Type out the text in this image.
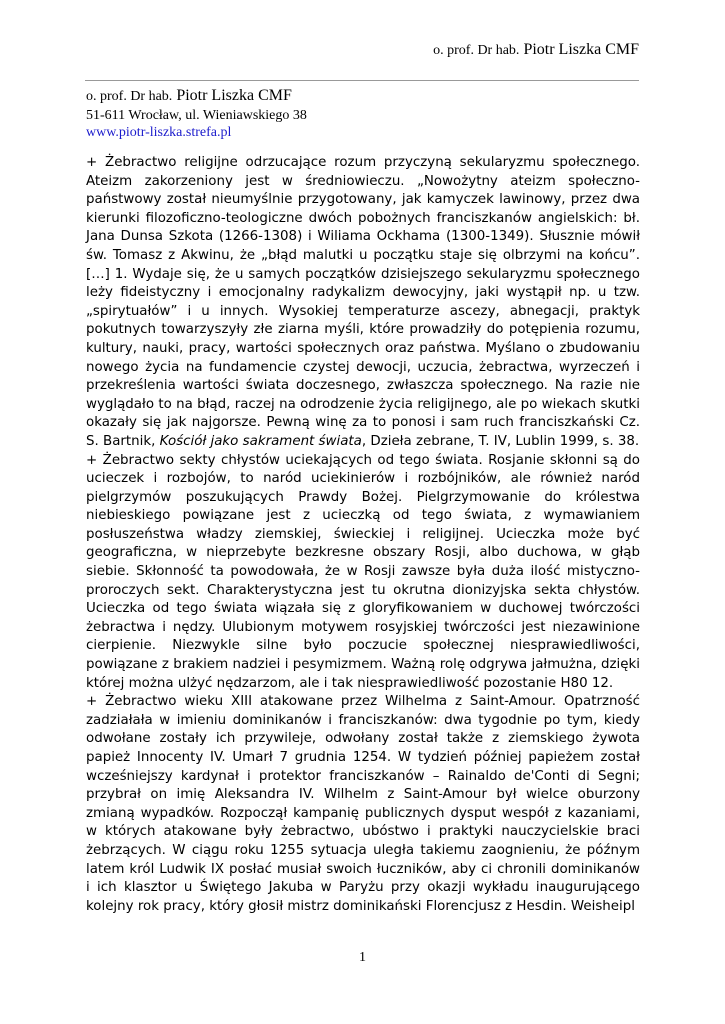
o. prof. Dr hab. Piotr Liszka CMF
o. prof. Dr hab. Piotr Liszka CMF
51-611 Wrocław, ul. Wieniawskiego 38
www.piotr-liszka.strefa.pl

+ Żebractwo religijne odrzucające rozum przyczyną sekularyzmu społecznego. Ateizm zakorzeniony jest w średniowieczu. „Nowożytny ateizm społeczno-państwowy został nieumyślnie przygotowany, jak kamyczek lawinowy, przez dwa kierunki filozoficzno-teologiczne dwóch pobożnych franciszkanów angielskich: bł. Jana Dunsa Szkota (1266-1308) i Wiliama Ockhama (1300-1349). Słusznie mówił św. Tomasz z Akwinu, że „błąd malutki u początku staje się olbrzymi na końcu”. […] 1. Wydaje się, że u samych początków dzisiejszego sekularyzmu społecznego leży fideistyczny i emocjonalny radykalizm dewocyjny, jaki wystąpił np. u tzw. „spirytuałów” i u innych. Wysokiej temperaturze ascezy, abnegacji, praktyk pokutnych towarzyszyły złe ziarna myśli, które prowadziły do potępienia rozumu, kultury, nauki, pracy, wartości społecznych oraz państwa. Myślano o zbudowaniu nowego życia na fundamencie czystej dewocji, uczucia, żebractwa, wyrzeczeń i przekreślenia wartości świata doczesnego, zwłaszcza społecznego. Na razie nie wyglądało to na błąd, raczej na odrodzenie życia religijnego, ale po wiekach skutki okazały się jak najgorsze. Pewną winę za to ponosi i sam ruch franciszkański Cz. S. Bartnik, Kościół jako sakrament świata, Dzieła zebrane, T. IV, Lublin 1999, s. 38.

+ Żebractwo sekty chłystów uciekających od tego świata. Rosjanie skłonni są do ucieczek i rozbojów, to naród uciekinierów i rozbójników, ale również naród pielgrzymów poszukujących Prawdy Bożej. Pielgrzymowanie do królestwa niebieskiego powiązane jest z ucieczką od tego świata, z wymawianiem posłuszeństwa władzy ziemskiej, świeckiej i religijnej. Ucieczka może być geograficzna, w nieprzebyte bezkresne obszary Rosji, albo duchowa, w głąb siebie. Skłonność ta powodowała, że w Rosji zawsze była duża ilość mistyczno-proroczych sekt. Charakterystyczna jest tu okrutna dionizyjska sekta chłystów. Ucieczka od tego świata wiązała się z gloryfikowaniem w duchowej twórczości żebractwa i nędzy. Ulubionym motywem rosyjskiej twórczości jest niezawinione cierpienie. Niezwykle silne było poczucie społecznej niesprawiedliwości, powiązane z brakiem nadziei i pesymizmem. Ważną rolę odgrywa jałmużna, dzięki której można ulżyć nędzarzom, ale i tak niesprawiedliwość pozostanie H80 12.

+ Żebractwo wieku XIII atakowane przez Wilhelma z Saint-Amour. Opatrzność zadziałała w imieniu dominikanów i franciszkanów: dwa tygodnie po tym, kiedy odwołane zostały ich przywileje, odwołany został także z ziemskiego żywota papież Innocenty IV. Umarł 7 grudnia 1254. W tydzień później papieżem został wcześniejszy kardynał i protektor franciszkanów – Rainaldo de'Conti di Segni; przybrał on imię Aleksandra IV. Wilhelm z Saint-Amour był wielce oburzony zmianą wypadków. Rozpoczął kampanię publicznych dysput wespół z kazaniami, w których atakowane były żebractwo, ubóstwo i praktyki nauczycielskie braci żebrzących. W ciągu roku 1255 sytuacja uległa takiemu zaognieniu, że późnym latem król Ludwik IX posłać musiał swoich łuczników, aby ci chronili dominikanów i ich klasztor u Świętego Jakuba w Paryżu przy okazji wykładu inaugurującego kolejny rok pracy, który głosił mistrz dominikański Florencjusz z Hesdin. Weisheipl

1
